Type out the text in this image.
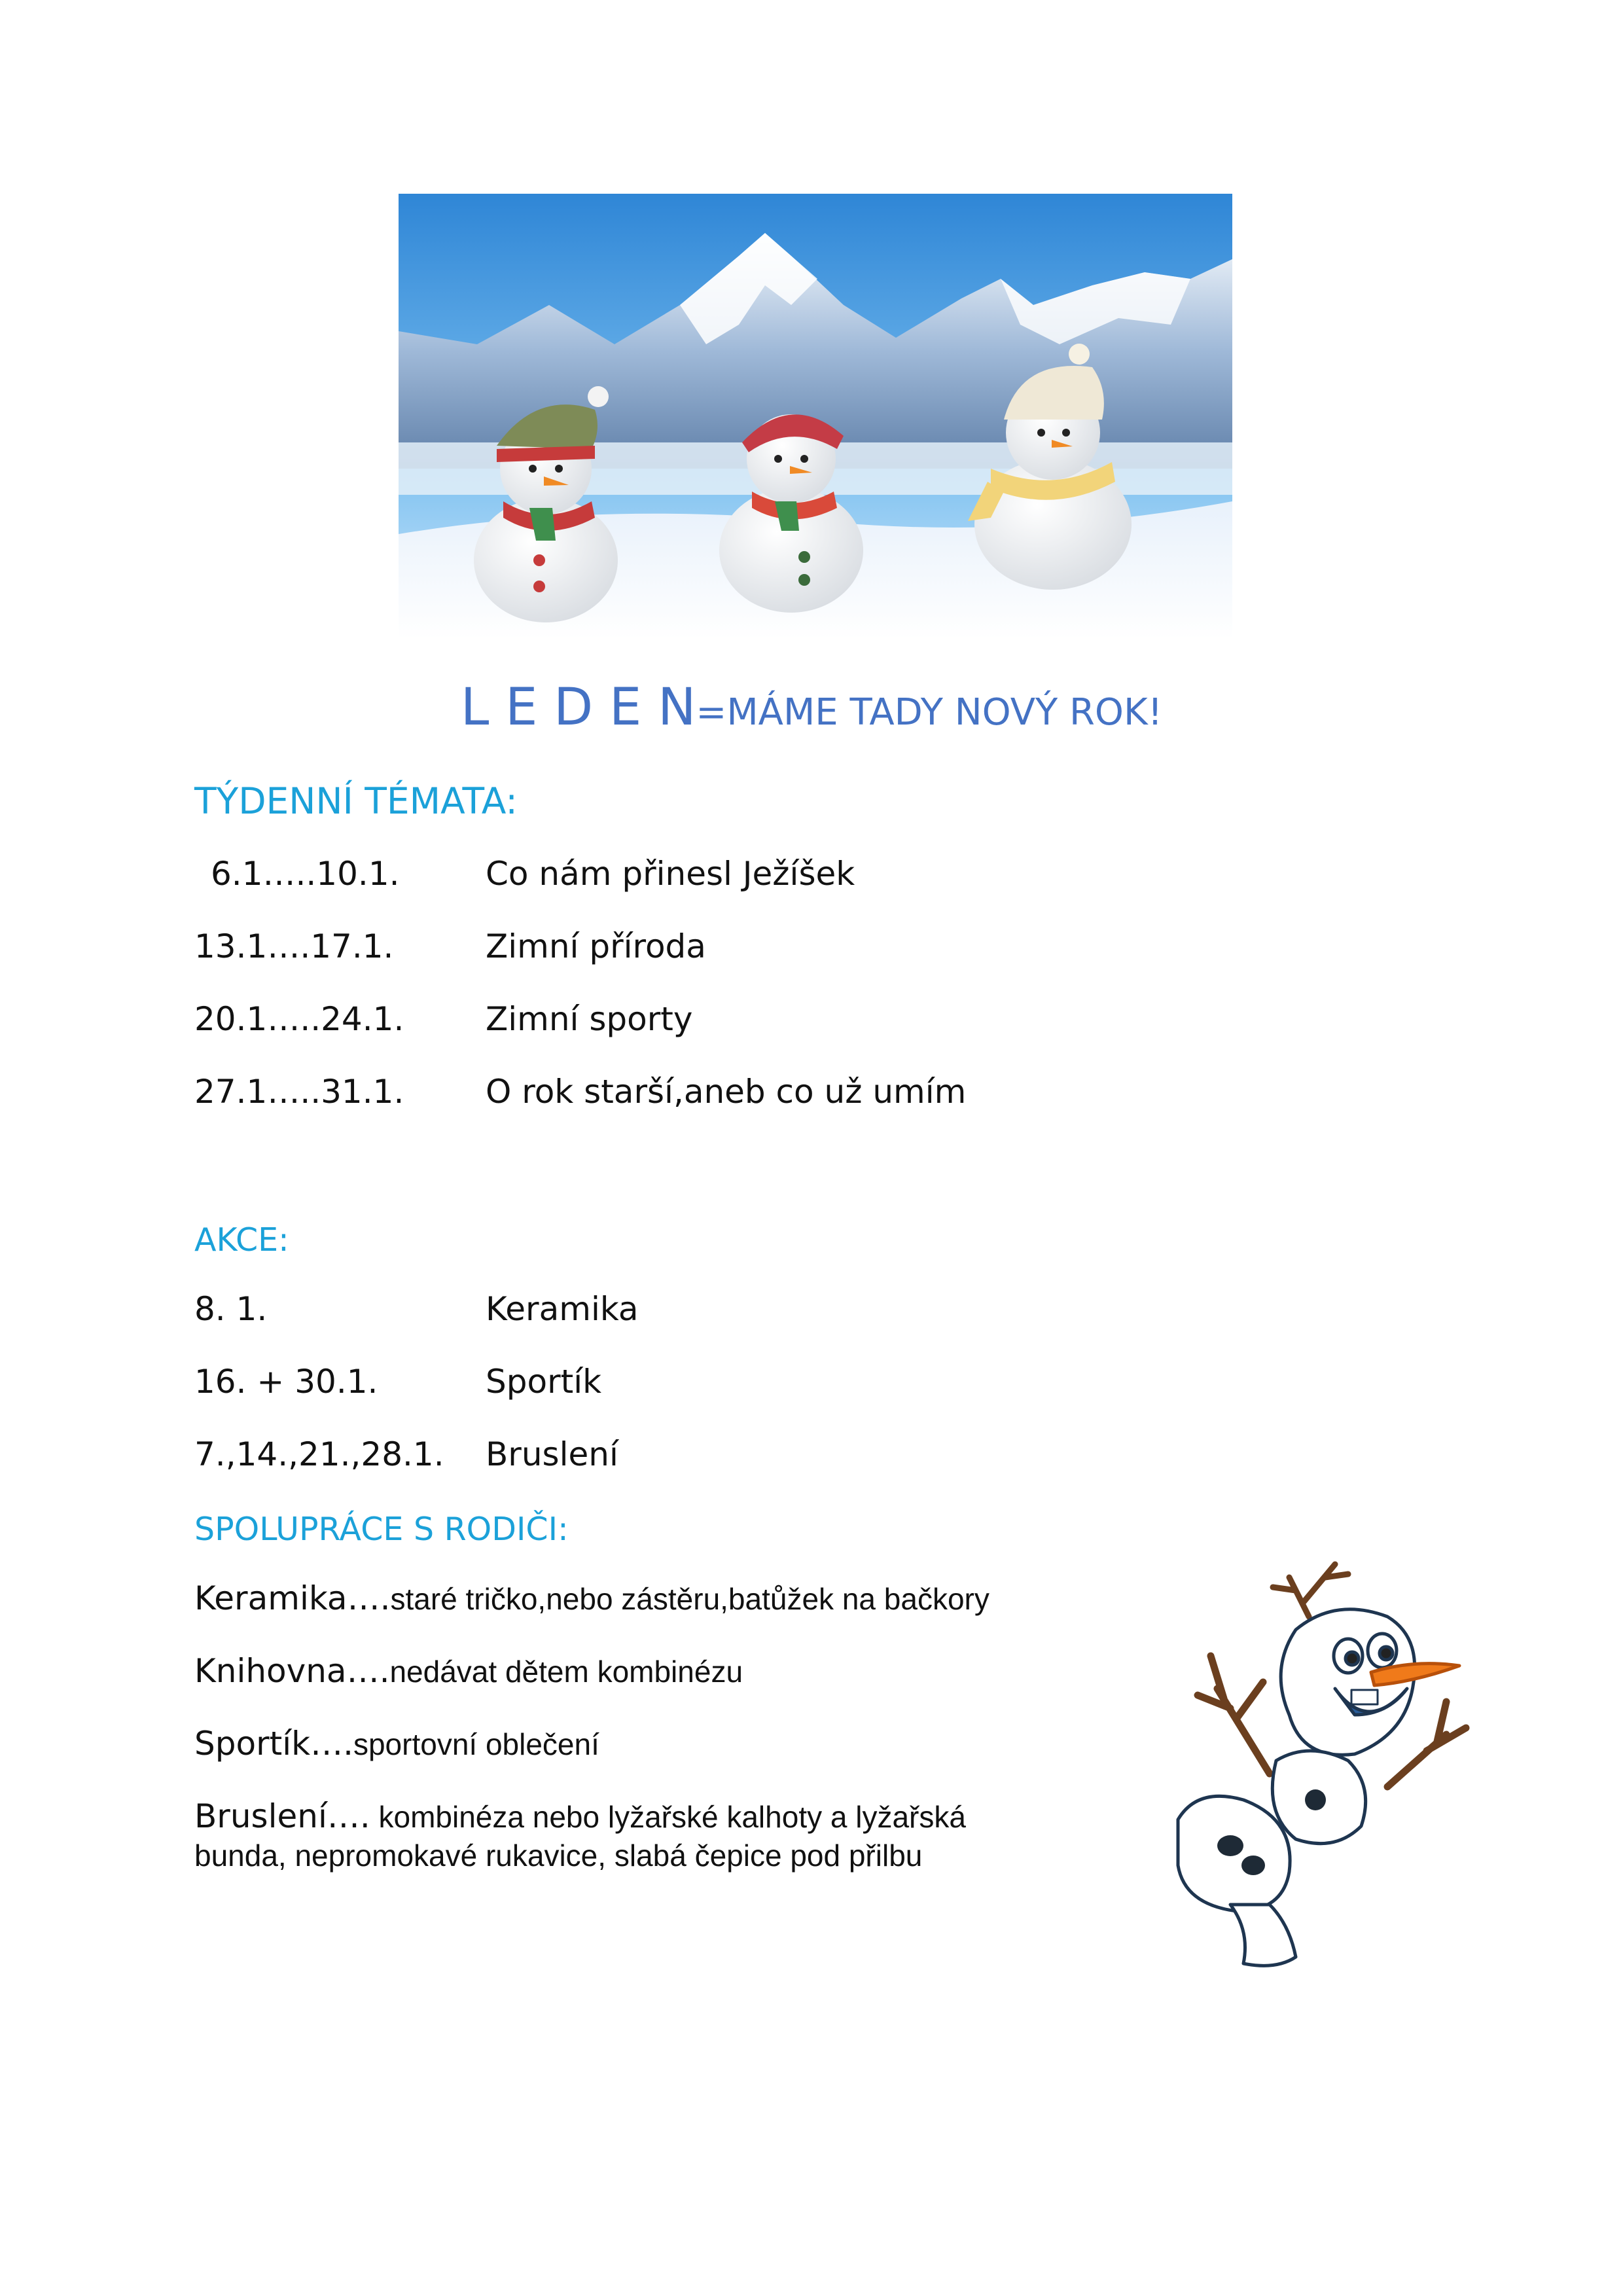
L E D E N=MÁME TADY NOVÝ ROK!
TÝDENNÍ TÉMATA:
6.1…..10.1.	Co nám přinesl Ježíšek
13.1….17.1.	Zimní příroda
20.1…..24.1. Zimní sporty
27.1…..31.1. O rok starší,aneb co už umím
AKCE:
8. 1.	Keramika
16. + 30.1.	Sportík
7.,14.,21.,28.1. Bruslení
SPOLUPRÁCE S RODIČI:
Keramika….staré tričko,nebo zástěru,batůžek na bačkory
Knihovna….nedávat dětem kombinézu
Sportík….sportovní oblečení
Bruslení…. kombinéza nebo lyžařské kalhoty a lyžařská
bunda, nepromokavé rukavice, slabá čepice pod přilbu
